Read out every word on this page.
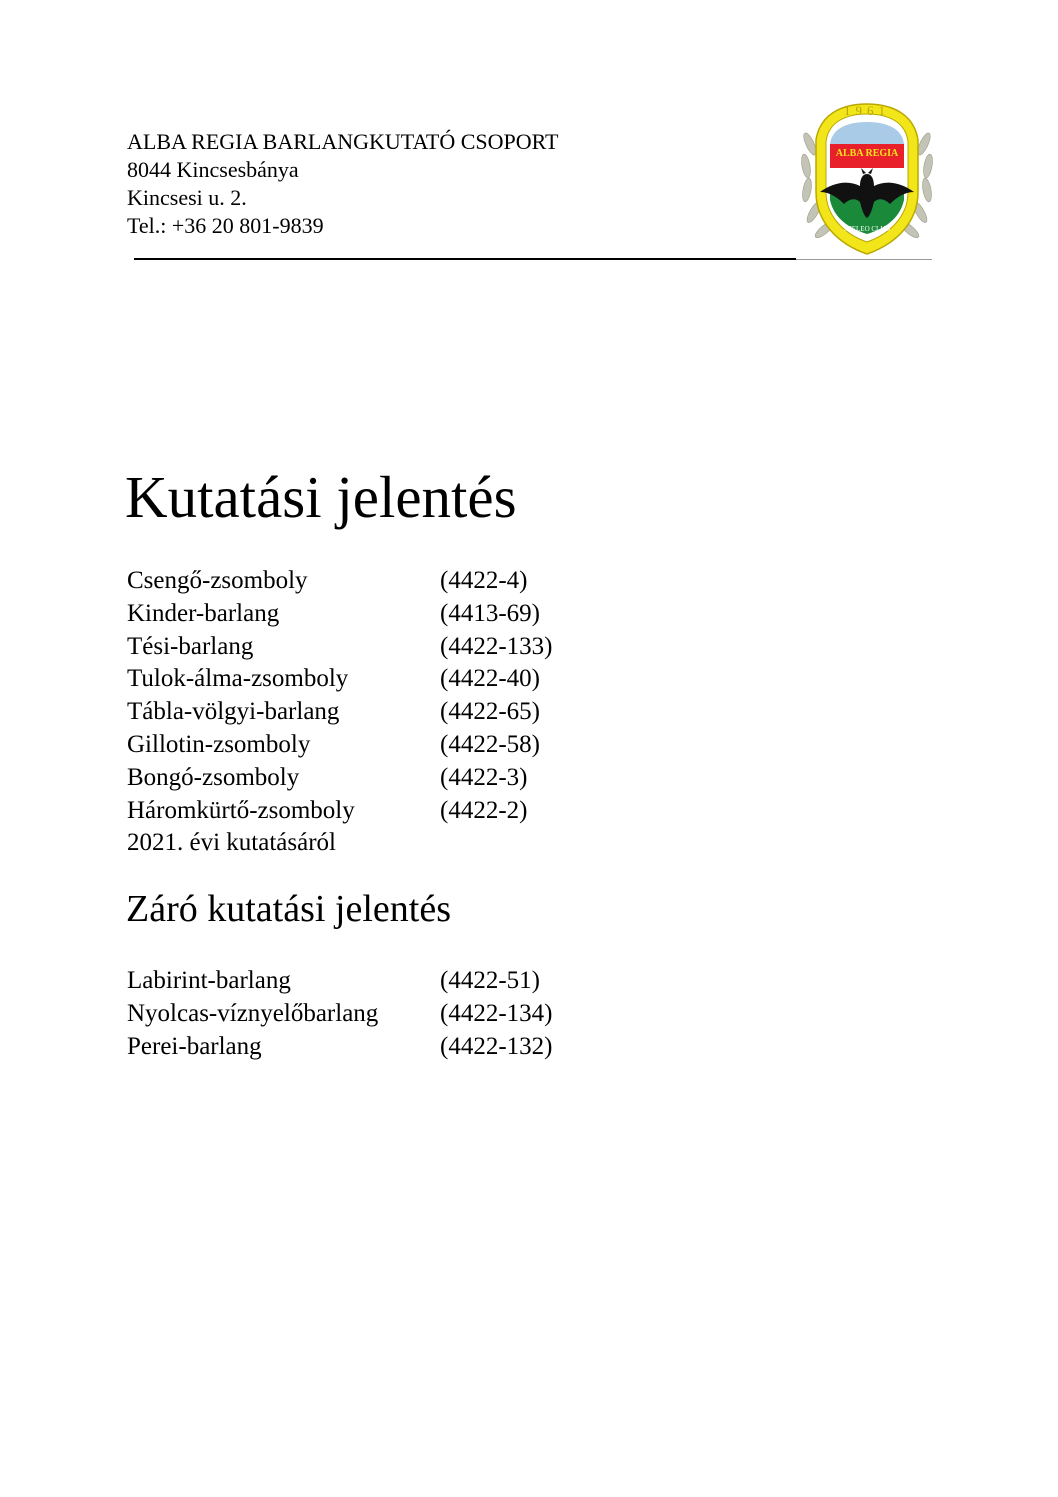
ALBA REGIA BARLANGKUTATÓ CSOPORT
8044 Kincsesbánya
Kincsesi u. 2.
Tel.: +36 20 801-9839
1961
ALBA REGIA
SPELEO CLUB
Kutatási jelentés
Csengő-zsomboly	(4422-4)
Kinder-barlang	(4413-69)
Tési-barlang	(4422-133)
Tulok-álma-zsomboly	(4422-40)
Tábla-völgyi-barlang	(4422-65)
Gillotin-zsomboly	(4422-58)
Bongó-zsomboly	(4422-3)
Háromkürtő-zsomboly	(4422-2)
2021. évi kutatásáról
Záró kutatási jelentés
Labirint-barlang	(4422-51)
Nyolcas-víznyelőbarlang	(4422-134)
Perei-barlang	(4422-132)
